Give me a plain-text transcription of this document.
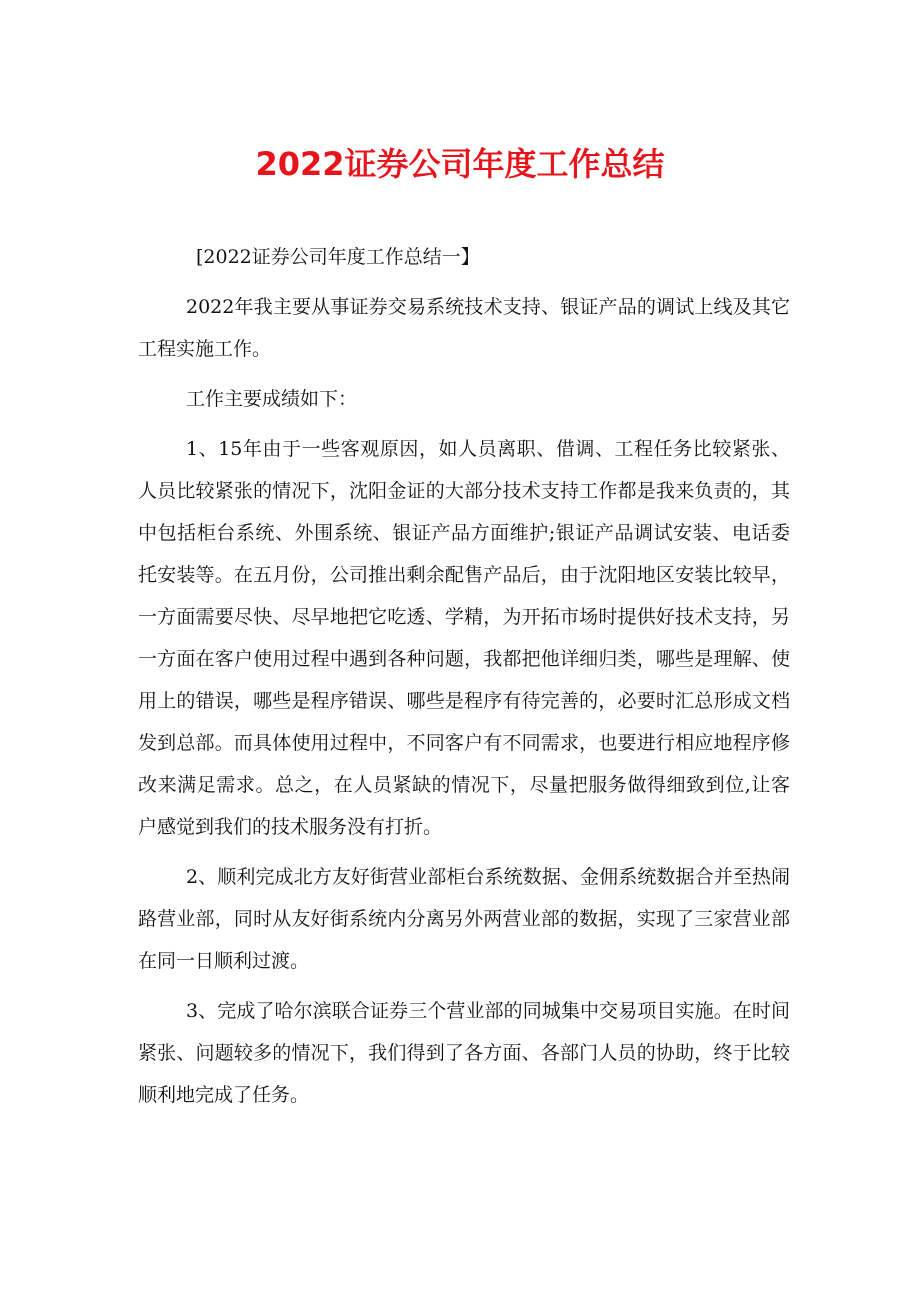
2022证券公司年度工作总结

[2022证券公司年度工作总结一】

2022年我主要从事证券交易系统技术支持、银证产品的调试上线及其它工程实施工作。

工作主要成绩如下：

1、15年由于一些客观原因，如人员离职、借调、工程任务比较紧张、人员比较紧张的情况下，沈阳金证的大部分技术支持工作都是我来负责的，其中包括柜台系统、外围系统、银证产品方面维护;银证产品调试安装、电话委托安装等。在五月份，公司推出剩余配售产品后，由于沈阳地区安装比较早，一方面需要尽快、尽早地把它吃透、学精，为开拓市场时提供好技术支持，另一方面在客户使用过程中遇到各种问题，我都把他详细归类，哪些是理解、使用上的错误，哪些是程序错误、哪些是程序有待完善的，必要时汇总形成文档发到总部。而具体使用过程中，不同客户有不同需求，也要进行相应地程序修改来满足需求。总之，在人员紧缺的情况下，尽量把服务做得细致到位,让客户感觉到我们的技术服务没有打折。

2、顺利完成北方友好街营业部柜台系统数据、金佣系统数据合并至热闹路营业部，同时从友好街系统内分离另外两营业部的数据，实现了三家营业部在同一日顺利过渡。

3、完成了哈尔滨联合证券三个营业部的同城集中交易项目实施。在时间紧张、问题较多的情况下，我们得到了各方面、各部门人员的协助，终于比较顺利地完成了任务。
